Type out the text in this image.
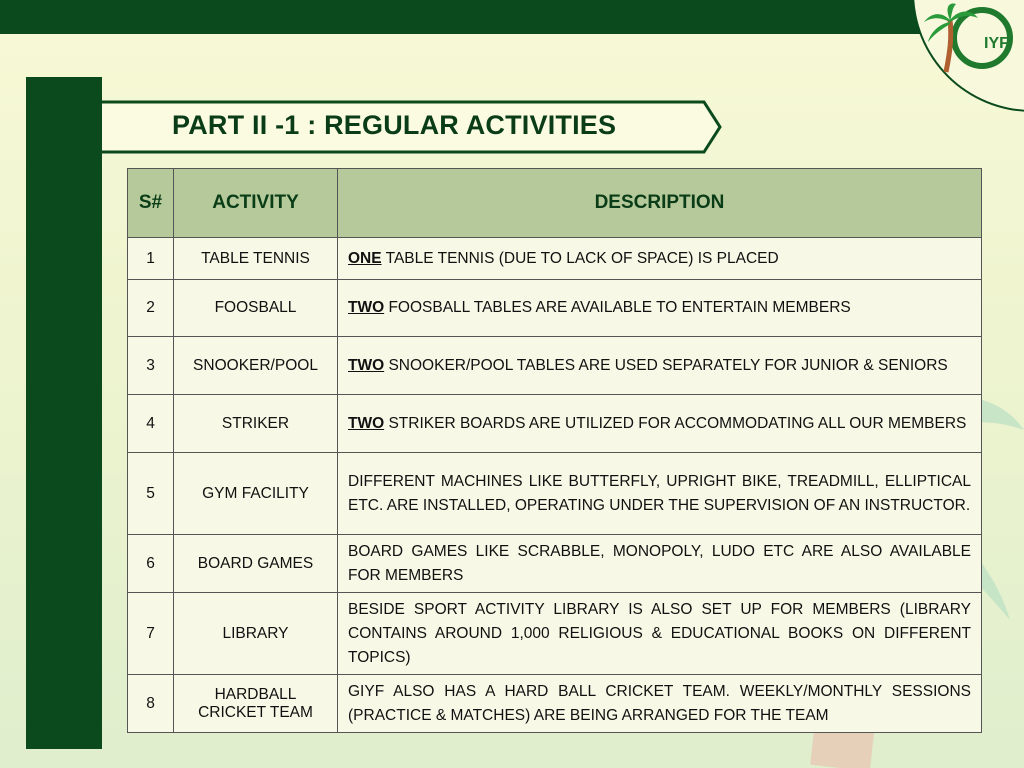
IYF
PART II -1 : REGULAR ACTIVITIES
S#	ACTIVITY	DESCRIPTION
1	TABLE TENNIS	ONE TABLE TENNIS (DUE TO LACK OF SPACE) IS PLACED
2	FOOSBALL	TWO FOOSBALL TABLES ARE AVAILABLE TO ENTERTAIN MEMBERS
3	SNOOKER/POOL	TWO SNOOKER/POOL TABLES ARE USED SEPARATELY FOR JUNIOR & SENIORS
4	STRIKER	TWO STRIKER BOARDS ARE UTILIZED FOR ACCOMMODATING ALL OUR MEMBERS
5	GYM FACILITY	DIFFERENT MACHINES LIKE BUTTERFLY, UPRIGHT BIKE, TREADMILL, ELLIPTICAL ETC. ARE INSTALLED, OPERATING UNDER THE SUPERVISION OF AN INSTRUCTOR.
6	BOARD GAMES	BOARD GAMES LIKE SCRABBLE, MONOPOLY, LUDO ETC ARE ALSO AVAILABLE FOR MEMBERS
7	LIBRARY	BESIDE SPORT ACTIVITY LIBRARY IS ALSO SET UP FOR MEMBERS (LIBRARY CONTAINS AROUND 1,000 RELIGIOUS & EDUCATIONAL BOOKS ON DIFFERENT TOPICS)
8	HARDBALL CRICKET TEAM	GIYF ALSO HAS A HARD BALL CRICKET TEAM. WEEKLY/MONTHLY SESSIONS (PRACTICE & MATCHES) ARE BEING ARRANGED FOR THE TEAM
